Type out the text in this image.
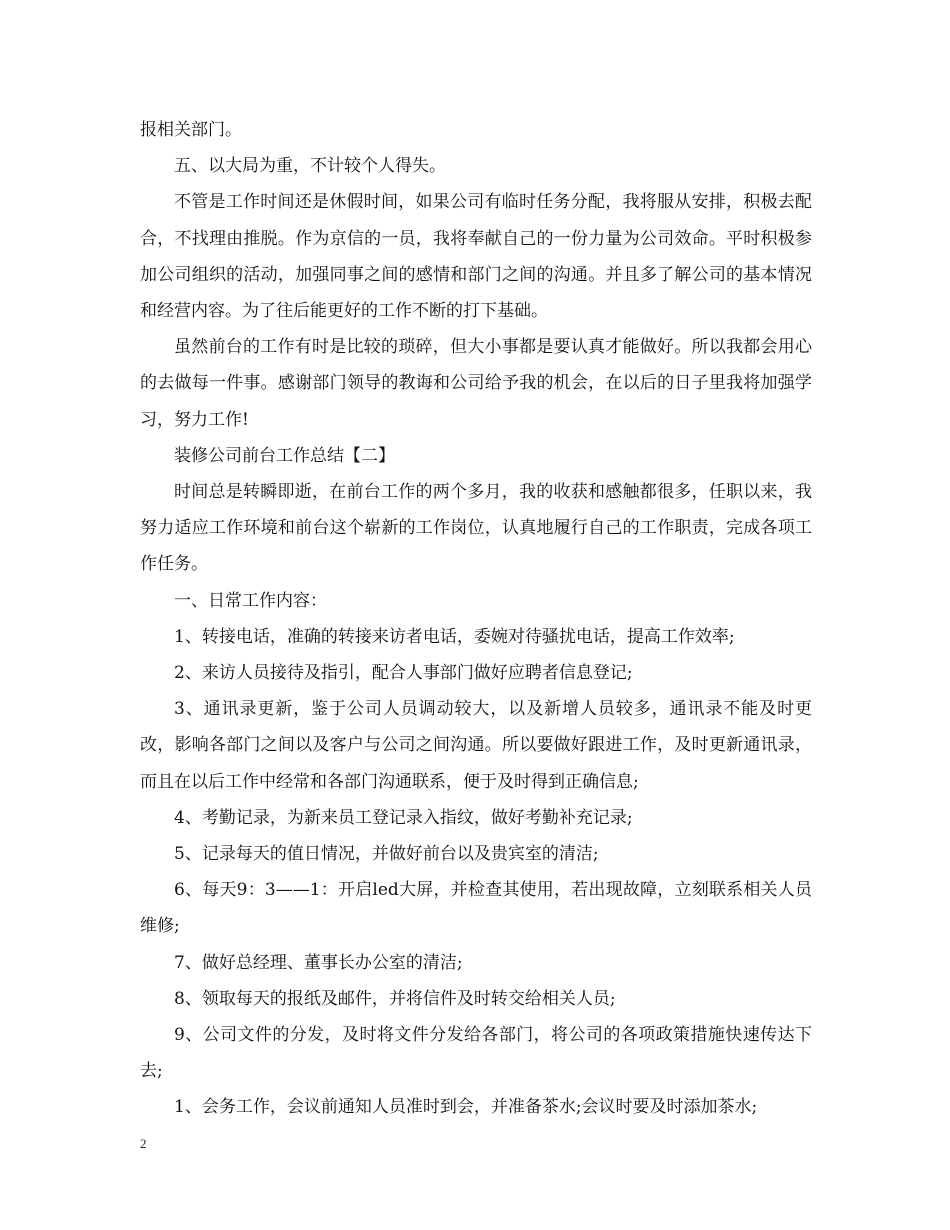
报相关部门。

五、以大局为重，不计较个人得失。

不管是工作时间还是休假时间，如果公司有临时任务分配，我将服从安排，积极去配合，不找理由推脱。作为京信的一员，我将奉献自己的一份力量为公司效命。平时积极参加公司组织的活动，加强同事之间的感情和部门之间的沟通。并且多了解公司的基本情况和经营内容。为了往后能更好的工作不断的打下基础。

虽然前台的工作有时是比较的琐碎，但大小事都是要认真才能做好。所以我都会用心的去做每一件事。感谢部门领导的教诲和公司给予我的机会，在以后的日子里我将加强学习，努力工作!

装修公司前台工作总结【二】

时间总是转瞬即逝，在前台工作的两个多月，我的收获和感触都很多，任职以来，我努力适应工作环境和前台这个崭新的工作岗位，认真地履行自己的工作职责，完成各项工作任务。

一、日常工作内容：

1、转接电话，准确的转接来访者电话，委婉对待骚扰电话，提高工作效率;

2、来访人员接待及指引，配合人事部门做好应聘者信息登记;

3、通讯录更新，鉴于公司人员调动较大，以及新增人员较多，通讯录不能及时更改，影响各部门之间以及客户与公司之间沟通。所以要做好跟进工作，及时更新通讯录，而且在以后工作中经常和各部门沟通联系，便于及时得到正确信息;

4、考勤记录，为新来员工登记录入指纹，做好考勤补充记录;

5、记录每天的值日情况，并做好前台以及贵宾室的清洁;

6、每天9：3——1：开启led大屏，并检查其使用，若出现故障，立刻联系相关人员维修;

7、做好总经理、董事长办公室的清洁;

8、领取每天的报纸及邮件，并将信件及时转交给相关人员;

9、公司文件的分发，及时将文件分发给各部门，将公司的各项政策措施快速传达下去;

1、会务工作，会议前通知人员准时到会，并准备茶水;会议时要及时添加茶水;

2
